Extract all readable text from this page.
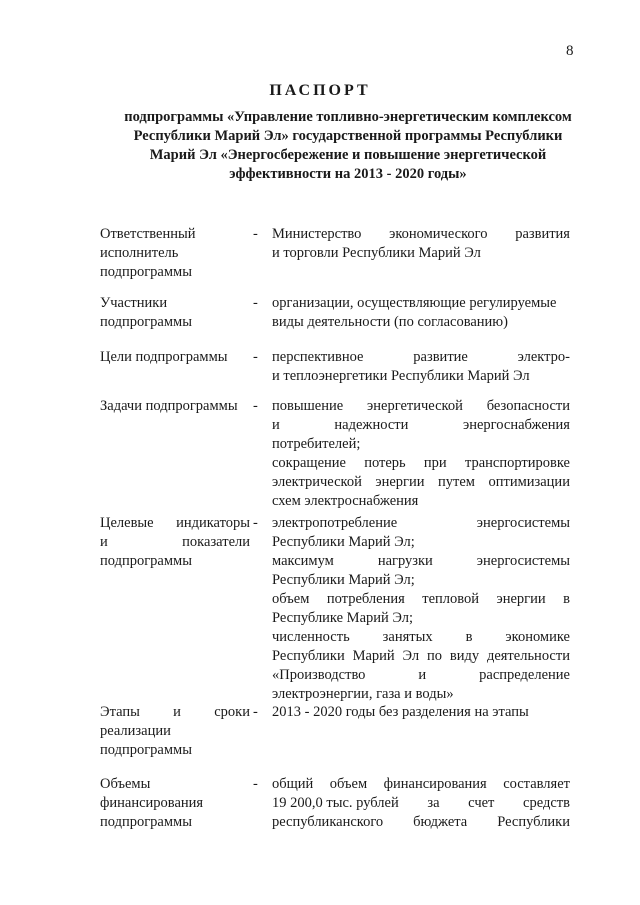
8
ПАСПОРТ
подпрограммы «Управление топливно-энергетическим комплексом
Республики Марий Эл» государственной программы Республики
Марий Эл «Энергосбережение и повышение энергетической
эффективности на 2013 - 2020 годы»
Ответственный
исполнитель
подпрограммы
- Министерство экономического развития
и торговли Республики Марий Эл
Участники
подпрограммы
- организации, осуществляющие регулируемые
виды деятельности (по согласованию)
Цели подпрограммы	- перспективное	развитие	электро-
и теплоэнергетики Республики Марий Эл
Задачи подпрограммы	- повышение энергетической безопасности
и	надежности	энергоснабжения
потребителей;
сокращение потерь при транспортировке
электрической энергии путем оптимизации
схем электроснабжения
Целевые индикаторы
и	показатели
подпрограммы
- электропотребление	энергосистемы
Республики Марий Эл;
максимум	нагрузки	энергосистемы
Республики Марий Эл;
объем потребления тепловой энергии в
Республике Марий Эл;
численность занятых в экономике
Республики Марий Эл по виду деятельности
«Производство	и	распределение
электроэнергии, газа и воды»
Этапы и сроки
реализации
подпрограммы
- 2013 - 2020 годы без разделения на этапы
Объемы
финансирования
подпрограммы
- общий объем финансирования составляет
19 200,0 тыс. рублей за счет средств
республиканского бюджета Республики
